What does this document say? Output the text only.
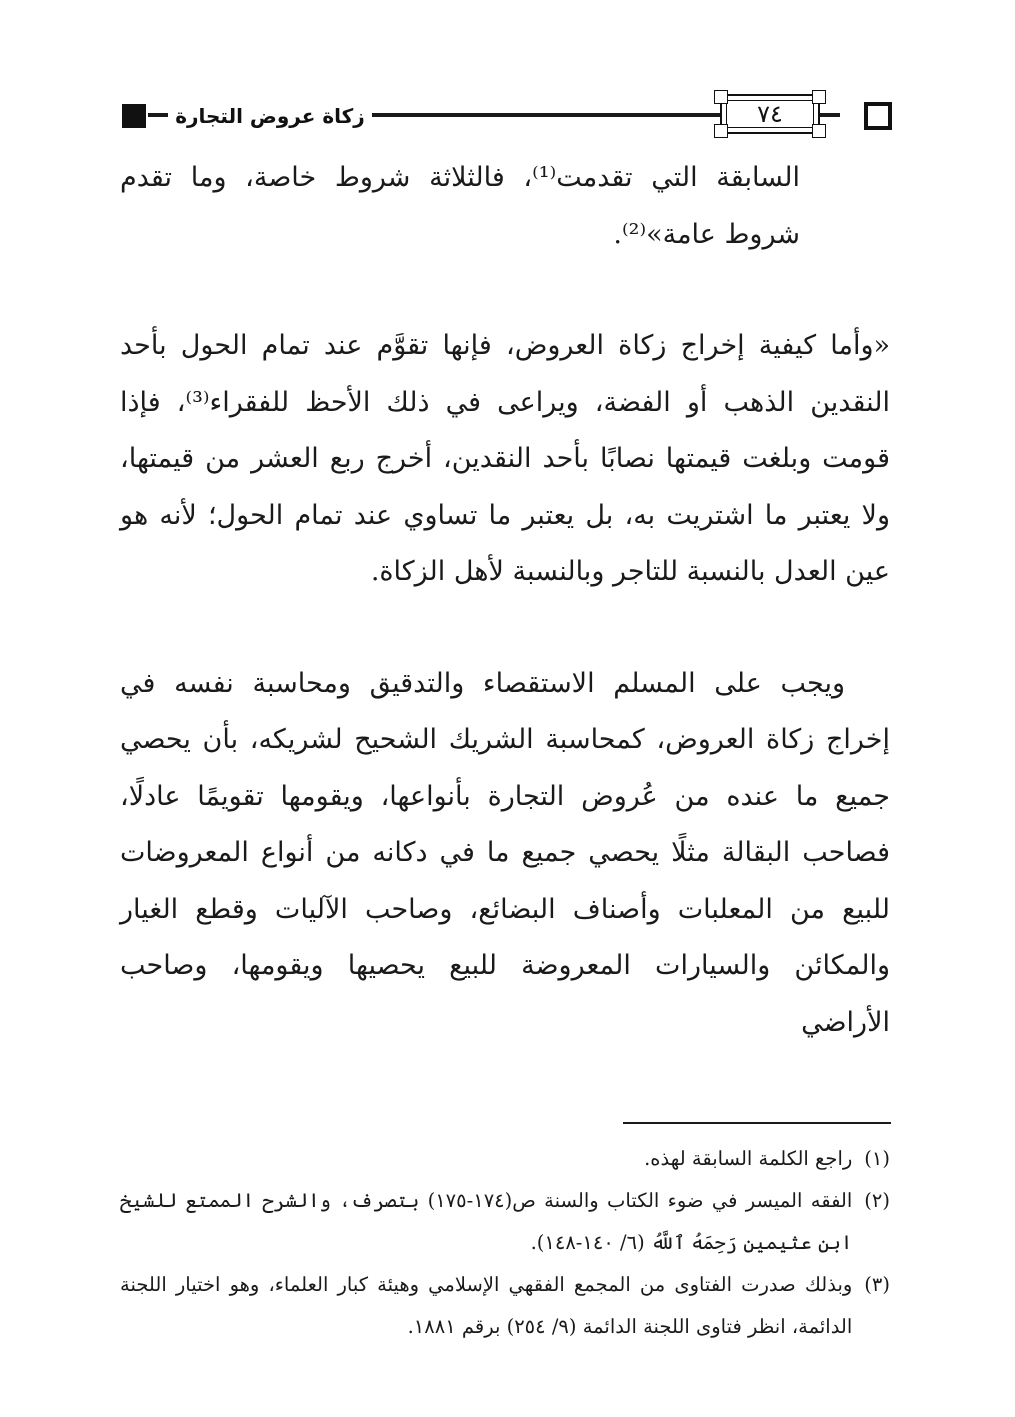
زكاة عروض التجارة	٧٤

السابقة التي تقدمت⁽¹⁾، فالثلاثة شروط خاصة، وما تقدم شروط عامة»⁽²⁾.

«وأما كيفية إخراج زكاة العروض، فإنها تقوَّم عند تمام الحول بأحد النقدين الذهب أو الفضة، ويراعى في ذلك الأحظ للفقراء⁽³⁾، فإذا قومت وبلغت قيمتها نصابًا بأحد النقدين، أخرج ربع العشر من قيمتها، ولا يعتبر ما اشتريت به، بل يعتبر ما تساوي عند تمام الحول؛ لأنه هو عين العدل بالنسبة للتاجر وبالنسبة لأهل الزكاة.

ويجب على المسلم الاستقصاء والتدقيق ومحاسبة نفسه في إخراج زكاة العروض، كمحاسبة الشريك الشحيح لشريكه، بأن يحصي جميع ما عنده من عُروض التجارة بأنواعها، ويقومها تقويمًا عادلًا، فصاحب البقالة مثلًا يحصي جميع ما في دكانه من أنواع المعروضات للبيع من المعلبات وأصناف البضائع، وصاحب الآليات وقطع الغيار والمكائن والسيارات المعروضة للبيع يحصيها ويقومها، وصاحب الأراضي

(١)
راجع الكلمة السابقة لهذه.

(٢)
الفقه الميسر في ضوء الكتاب والسنة ص(١٧٤-١٧٥) بتصرف، والشرح الممتع للشيخ ابن عثيمين رَحِمَهُ ٱللَّهُ (٦/ ١٤٠-١٤٨).

(٣)
وبذلك صدرت الفتاوى من المجمع الفقهي الإسلامي وهيئة كبار العلماء، وهو اختيار اللجنة الدائمة، انظر فتاوى اللجنة الدائمة (٩/ ٢٥٤) برقم ١٨٨١.
